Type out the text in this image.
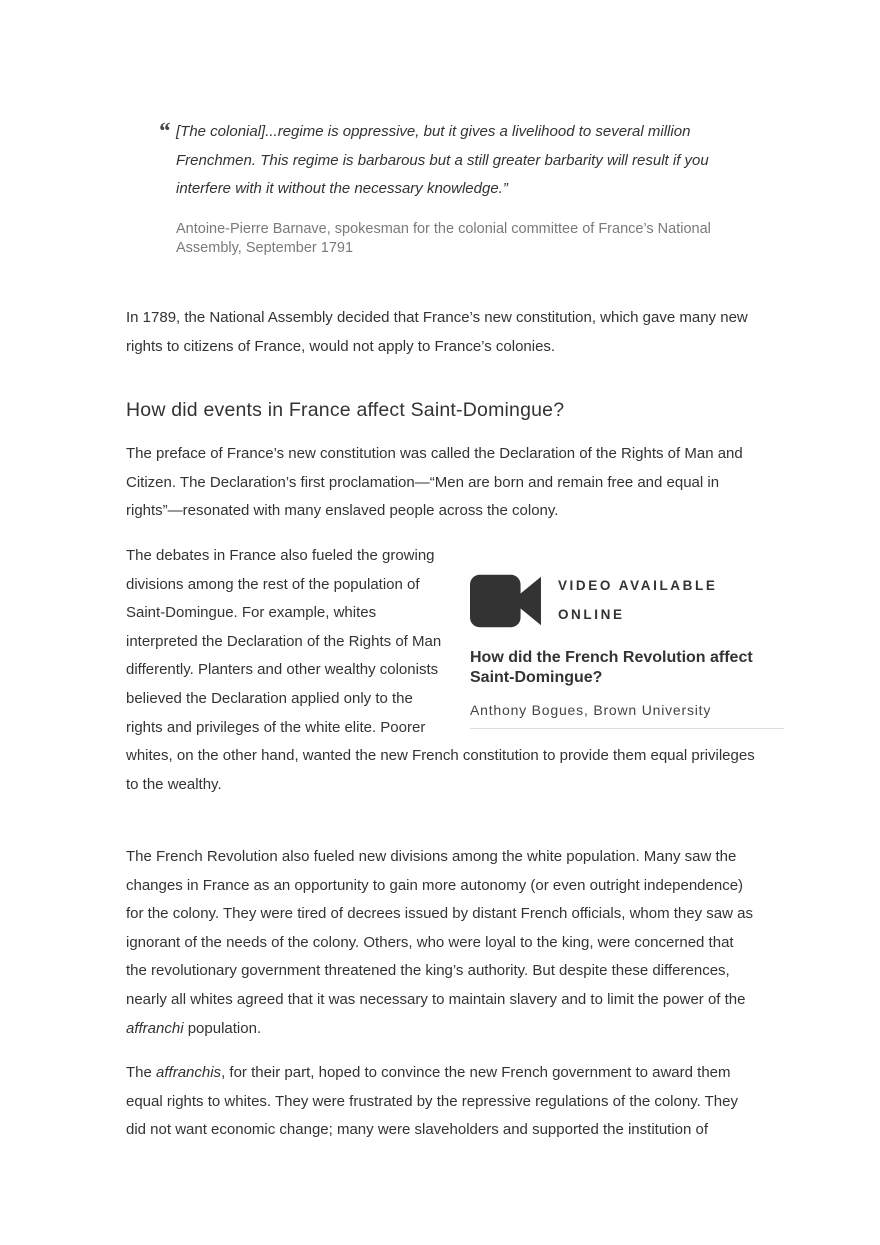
“ [The colonial]...regime is oppressive, but it gives a livelihood to several million Frenchmen. This regime is barbarous but a still greater barbarity will result if you interfere with it without the necessary knowledge.”

Antoine-Pierre Barnave, spokesman for the colonial committee of France’s National Assembly, September 1791

In 1789, the National Assembly decided that France’s new constitution, which gave many new rights to citizens of France, would not apply to France’s colonies.

How did events in France affect Saint-Domingue?

The preface of France’s new constitution was called the Declaration of the Rights of Man and Citizen. The Declaration’s first proclamation—“Men are born and remain free and equal in rights”—resonated with many enslaved people across the colony.

VIDEO AVAILABLE ONLINE
How did the French Revolution affect Saint-Domingue?
Anthony Bogues, Brown University

The debates in France also fueled the growing divisions among the rest of the population of Saint-Domingue. For example, whites interpreted the Declaration of the Rights of Man differently. Planters and other wealthy colonists believed the Declaration applied only to the rights and privileges of the white elite. Poorer whites, on the other hand, wanted the new French constitution to provide them equal privileges to the wealthy.

The French Revolution also fueled new divisions among the white population. Many saw the changes in France as an opportunity to gain more autonomy (or even outright independence) for the colony. They were tired of decrees issued by distant French officials, whom they saw as ignorant of the needs of the colony. Others, who were loyal to the king, were concerned that the revolutionary government threatened the king’s authority. But despite these differences, nearly all whites agreed that it was necessary to maintain slavery and to limit the power of the affranchi population.

The affranchis, for their part, hoped to convince the new French government to award them equal rights to whites. They were frustrated by the repressive regulations of the colony. They did not want economic change; many were slaveholders and supported the institution of
